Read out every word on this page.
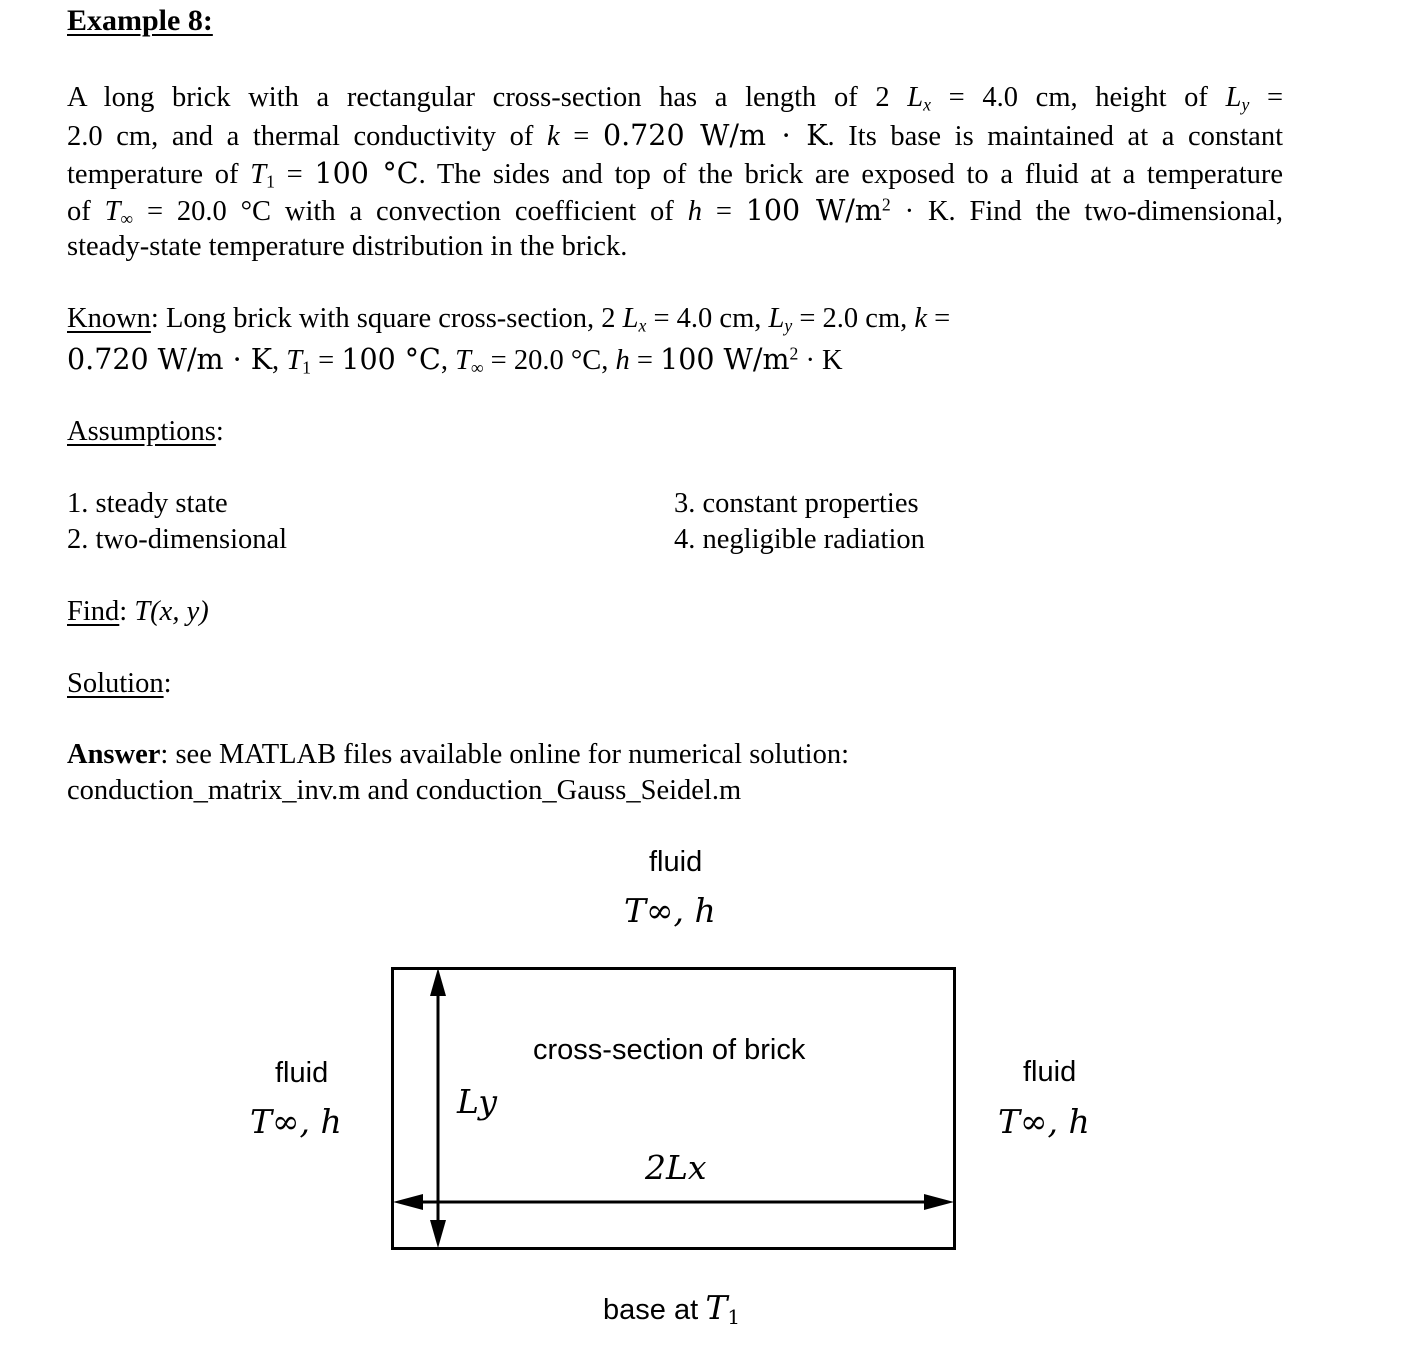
Example 8:
A long brick with a rectangular cross-section has a length of 2 $L_x = 4.0$ cm, height of $L_y$ =
2.0 cm, and a thermal conductivity of k = 0.720 W/m · K. Its base is maintained at a constant
temperature of $T_1 = 100$ °C. The sides and top of the brick are exposed to a fluid at a temperature
of $T_\infty = 20.0$ °C with a convection coefficient of h = 100 $W/m^2 \cdot K$. Find the two-dimensional,
steady-state temperature distribution in the brick.
Known: Long brick with square cross-section, 2 $L_x = 4.0$ cm, $L_y = 2.0$ cm, k =
0.720 W/m · K, $T_1 = 100$ °C, $T_\infty = 20.0$ °C, h = 100 $W/m^2 \cdot K$
Assumptions:
1. steady state
2. two-dimensional
3. constant properties
4. negligible radiation
Find: T(x, y)
Solution:
Answer: see MATLAB files available online for numerical solution:
conduction_matrix_inv.m and conduction_Gauss_Seidel.m
fluid
T∞, h
fluid
T∞, h
fluid
T∞, h
cross-section of brick
Ly
2Lx
base at $T_1$
